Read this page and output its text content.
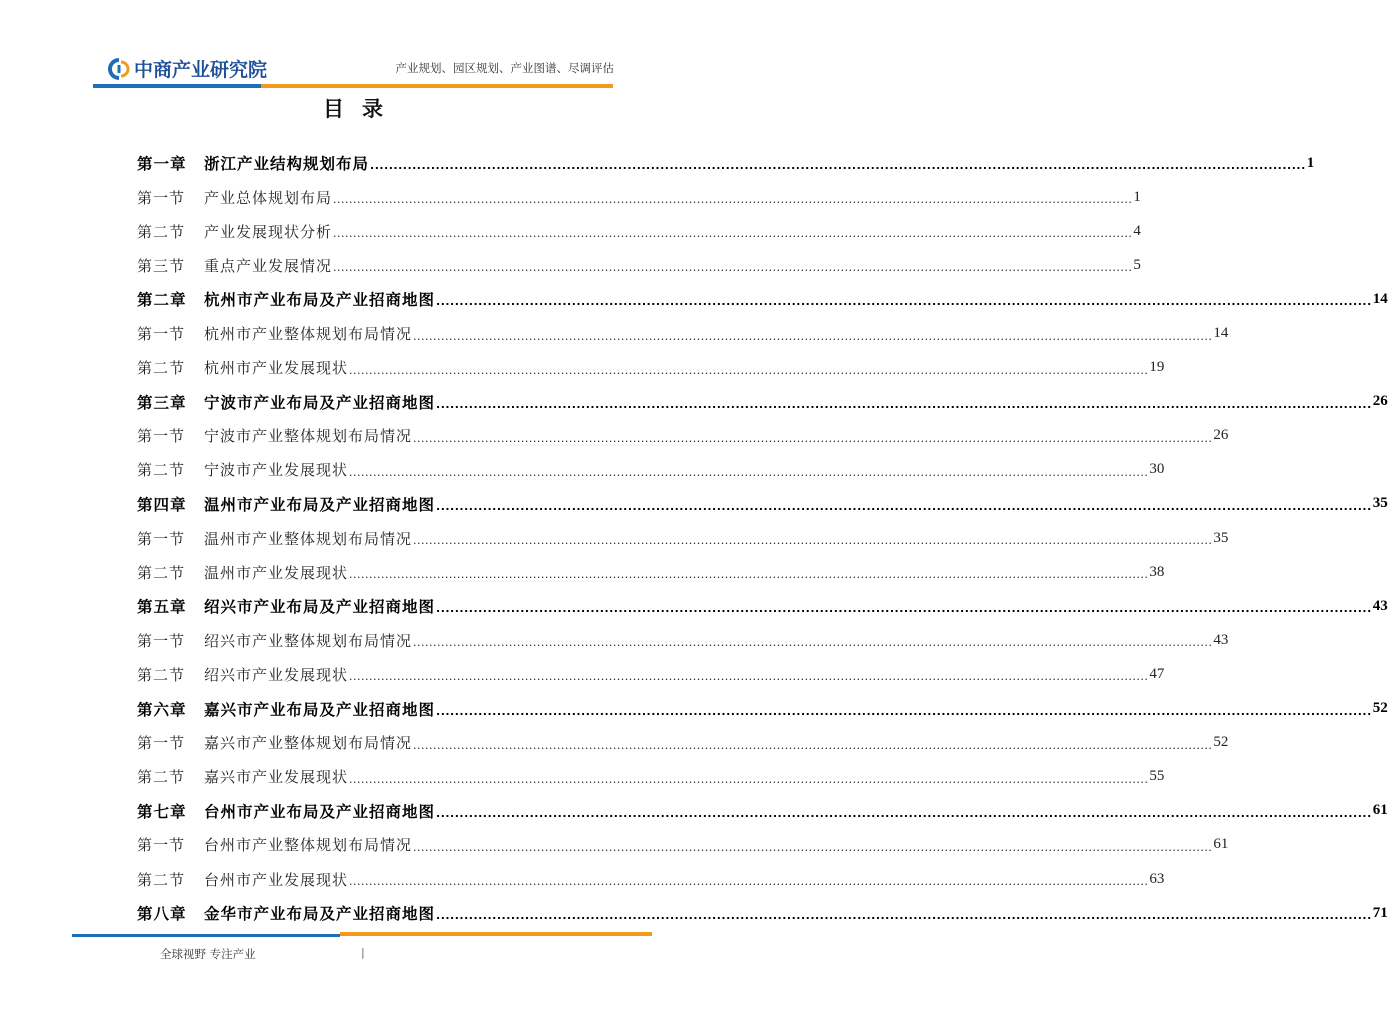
中商产业研究院	产业规划、园区规划、产业图谱、尽调评估
目录
第一章	浙江产业结构规划布局 ........................................................................................................................................................................................................ 1
第一节	产业总体规划布局 ........................................................................................................................................................................................................ 1
第二节	产业发展现状分析 ........................................................................................................................................................................................................ 4
第三节	重点产业发展情况 ........................................................................................................................................................................................................ 5
第二章	杭州市产业布局及产业招商地图 ........................................................................................................................................................................................................ 14
第一节	杭州市产业整体规划布局情况 ........................................................................................................................................................................................................ 14
第二节	杭州市产业发展现状 ........................................................................................................................................................................................................ 19
第三章	宁波市产业布局及产业招商地图 ........................................................................................................................................................................................................ 26
第一节	宁波市产业整体规划布局情况 ........................................................................................................................................................................................................ 26
第二节	宁波市产业发展现状 ........................................................................................................................................................................................................ 30
第四章	温州市产业布局及产业招商地图 ........................................................................................................................................................................................................ 35
第一节	温州市产业整体规划布局情况 ........................................................................................................................................................................................................ 35
第二节	温州市产业发展现状 ........................................................................................................................................................................................................ 38
第五章	绍兴市产业布局及产业招商地图 ........................................................................................................................................................................................................ 43
第一节	绍兴市产业整体规划布局情况 ........................................................................................................................................................................................................ 43
第二节	绍兴市产业发展现状 ........................................................................................................................................................................................................ 47
第六章	嘉兴市产业布局及产业招商地图 ........................................................................................................................................................................................................ 52
第一节	嘉兴市产业整体规划布局情况 ........................................................................................................................................................................................................ 52
第二节	嘉兴市产业发展现状 ........................................................................................................................................................................................................ 55
第七章	台州市产业布局及产业招商地图 ........................................................................................................................................................................................................ 61
第一节	台州市产业整体规划布局情况 ........................................................................................................................................................................................................ 61
第二节	台州市产业发展现状 ........................................................................................................................................................................................................ 63
第八章	金华市产业布局及产业招商地图 ........................................................................................................................................................................................................ 71
全球视野 专注产业	|
